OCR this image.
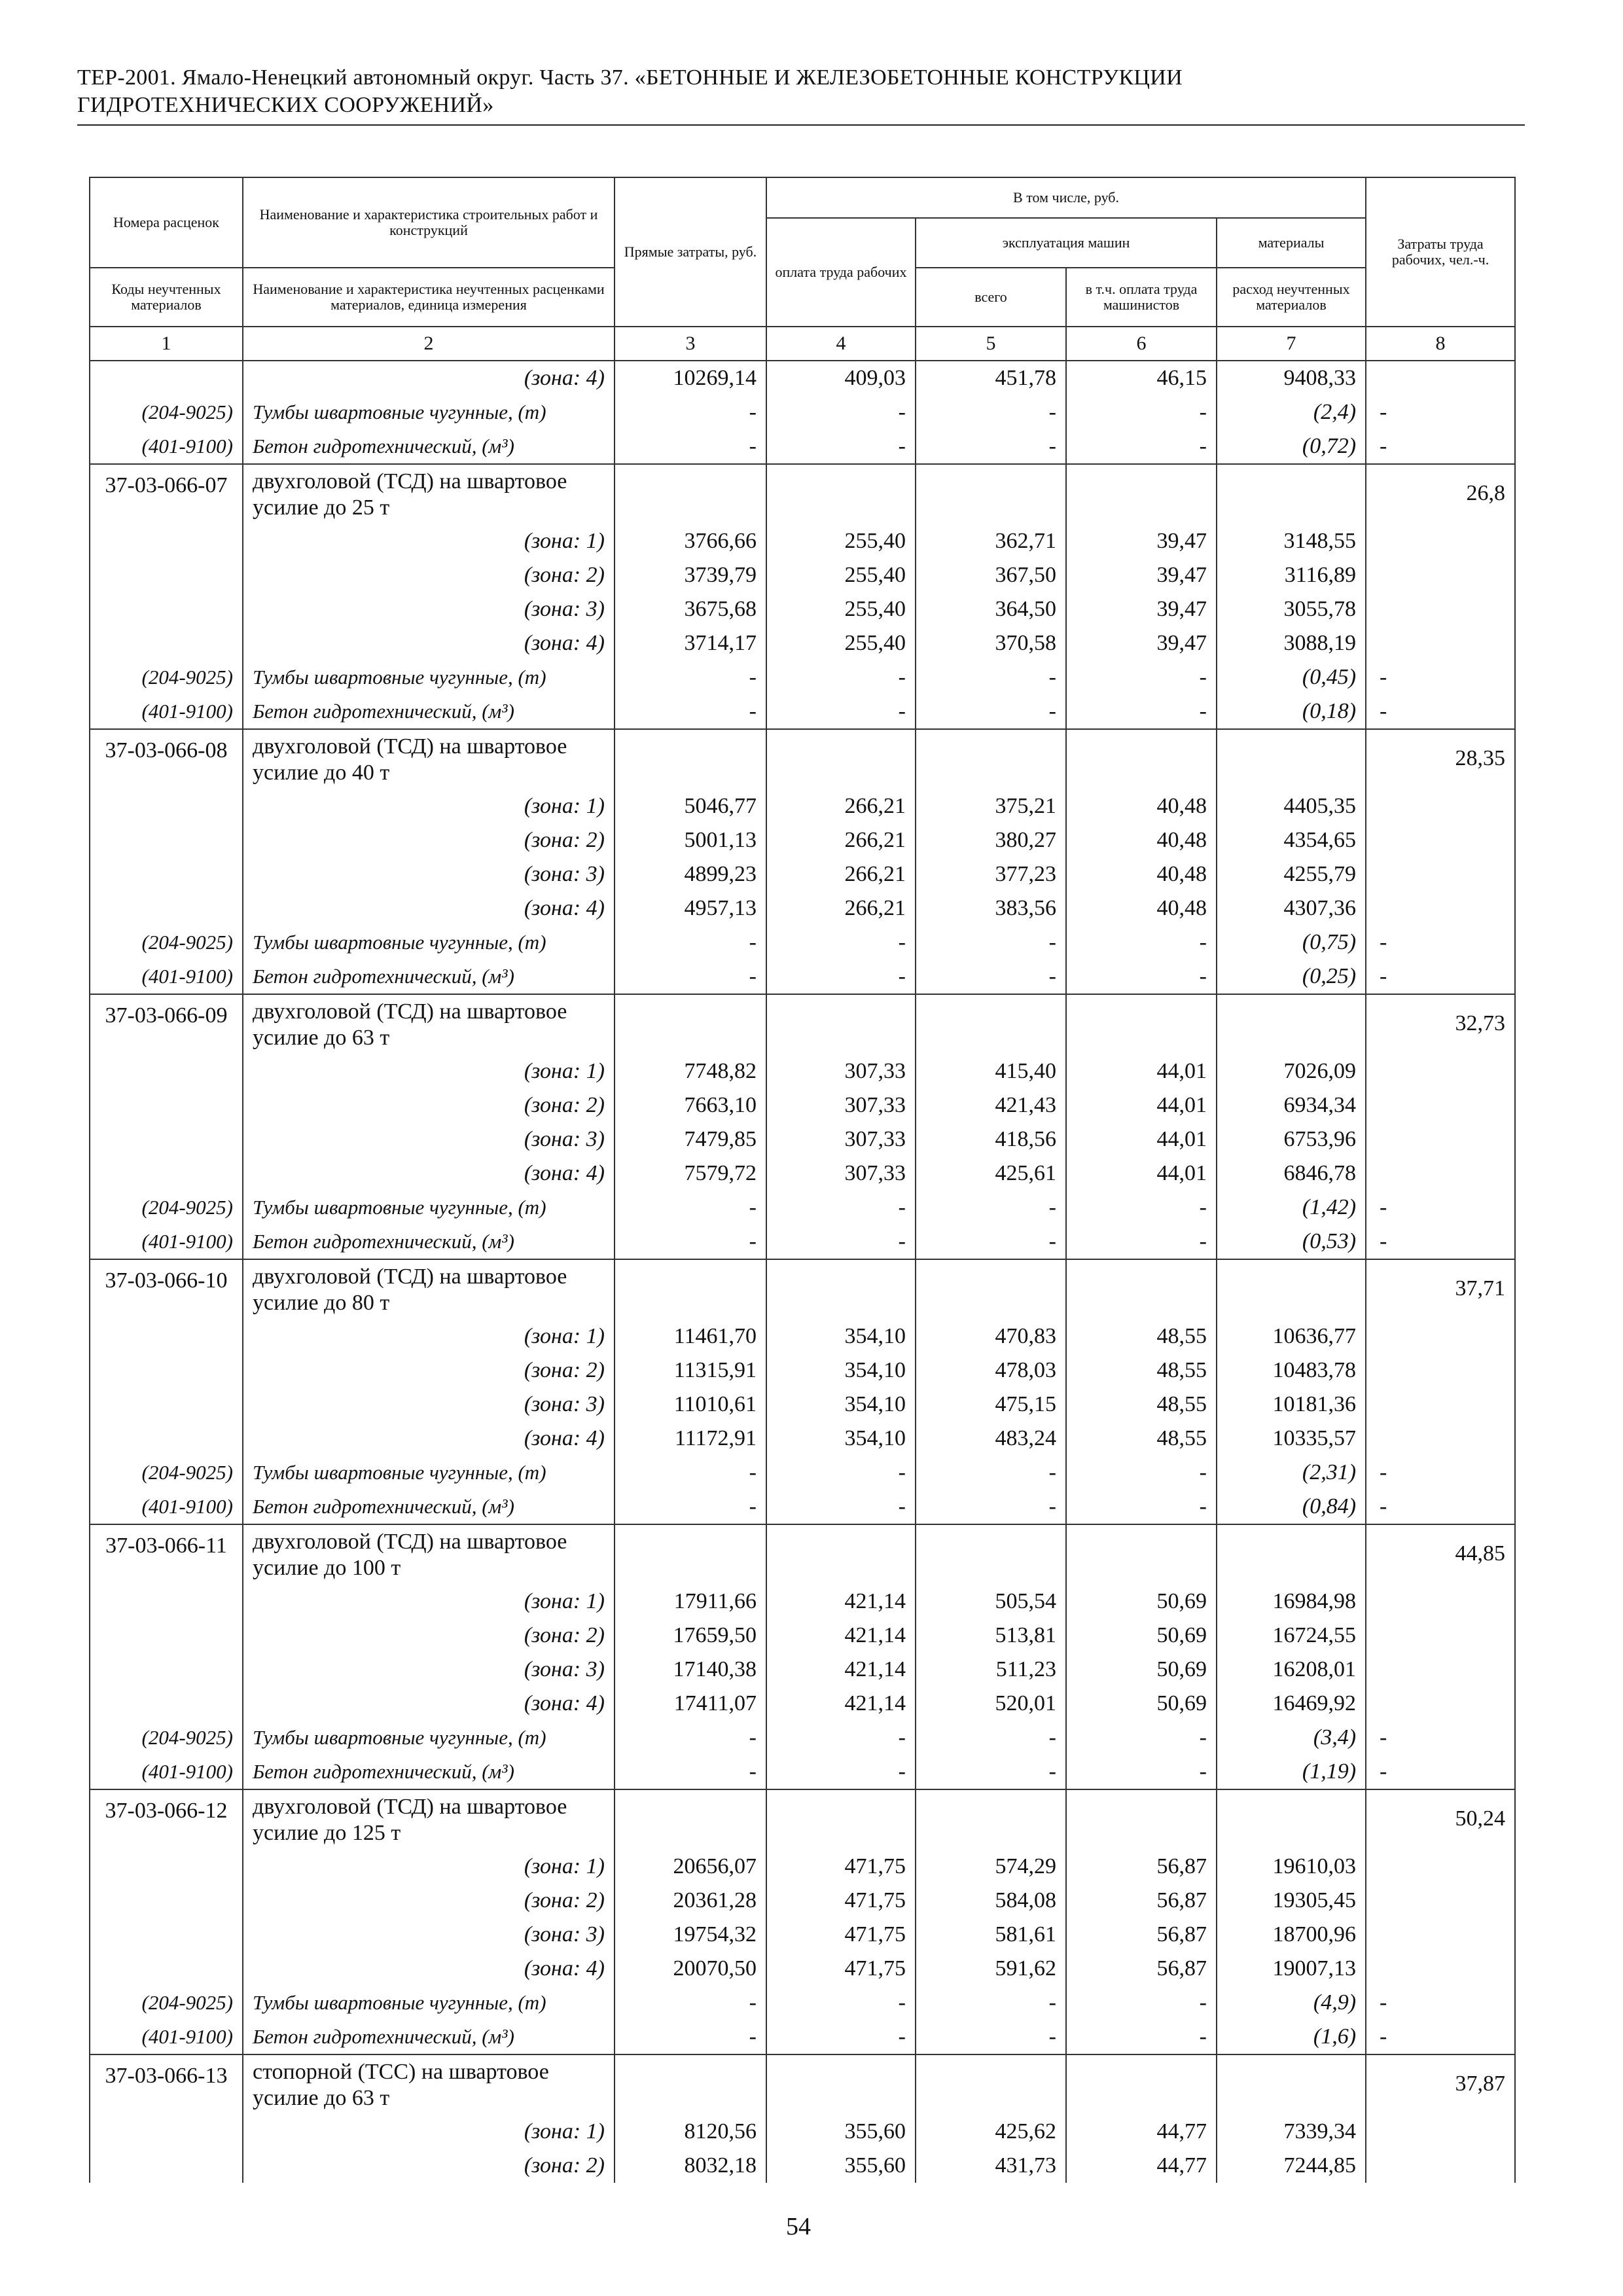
ТЕР-2001. Ямало-Ненецкий автономный округ. Часть 37. «БЕТОННЫЕ И ЖЕЛЕЗОБЕТОННЫЕ КОНСТРУКЦИИ
ГИДРОТЕХНИЧЕСКИХ СООРУЖЕНИЙ»
Номера расценок	Наименование и характеристика строительных работ и конструкций	Прямые затраты, руб.	В том числе, руб.				Затраты труда рабочих, чел.-ч.
			оплата труда рабочих	эксплуатация машин		материалы	
Коды неучтенных материалов	Наименование и характеристика неучтенных расценками материалов, единица измерения			всего	в т.ч. оплата труда машинистов	расход неучтенных материалов	
1	2	3	4	5	6	7	8
	(зона: 4)	10269,14	409,03	451,78	46,15	9408,33	
(204-9025)	Тумбы швартовные чугунные, (т)	-	-	-	-	(2,4)	-
(401-9100)	Бетон гидротехнический, (м³)	-	-	-	-	(0,72)	-
37-03-066-07	двухголовой (ТСД) на швартовое усилие до 25 т						26,8
	(зона: 1)	3766,66	255,40	362,71	39,47	3148,55	
	(зона: 2)	3739,79	255,40	367,50	39,47	3116,89	
	(зона: 3)	3675,68	255,40	364,50	39,47	3055,78	
	(зона: 4)	3714,17	255,40	370,58	39,47	3088,19	
(204-9025)	Тумбы швартовные чугунные, (т)	-	-	-	-	(0,45)	-
(401-9100)	Бетон гидротехнический, (м³)	-	-	-	-	(0,18)	-
37-03-066-08	двухголовой (ТСД) на швартовое усилие до 40 т						28,35
	(зона: 1)	5046,77	266,21	375,21	40,48	4405,35	
	(зона: 2)	5001,13	266,21	380,27	40,48	4354,65	
	(зона: 3)	4899,23	266,21	377,23	40,48	4255,79	
	(зона: 4)	4957,13	266,21	383,56	40,48	4307,36	
(204-9025)	Тумбы швартовные чугунные, (т)	-	-	-	-	(0,75)	-
(401-9100)	Бетон гидротехнический, (м³)	-	-	-	-	(0,25)	-
37-03-066-09	двухголовой (ТСД) на швартовое усилие до 63 т						32,73
	(зона: 1)	7748,82	307,33	415,40	44,01	7026,09	
	(зона: 2)	7663,10	307,33	421,43	44,01	6934,34	
	(зона: 3)	7479,85	307,33	418,56	44,01	6753,96	
	(зона: 4)	7579,72	307,33	425,61	44,01	6846,78	
(204-9025)	Тумбы швартовные чугунные, (т)	-	-	-	-	(1,42)	-
(401-9100)	Бетон гидротехнический, (м³)	-	-	-	-	(0,53)	-
37-03-066-10	двухголовой (ТСД) на швартовое усилие до 80 т						37,71
	(зона: 1)	11461,70	354,10	470,83	48,55	10636,77	
	(зона: 2)	11315,91	354,10	478,03	48,55	10483,78	
	(зона: 3)	11010,61	354,10	475,15	48,55	10181,36	
	(зона: 4)	11172,91	354,10	483,24	48,55	10335,57	
(204-9025)	Тумбы швартовные чугунные, (т)	-	-	-	-	(2,31)	-
(401-9100)	Бетон гидротехнический, (м³)	-	-	-	-	(0,84)	-
37-03-066-11	двухголовой (ТСД) на швартовое усилие до 100 т						44,85
	(зона: 1)	17911,66	421,14	505,54	50,69	16984,98	
	(зона: 2)	17659,50	421,14	513,81	50,69	16724,55	
	(зона: 3)	17140,38	421,14	511,23	50,69	16208,01	
	(зона: 4)	17411,07	421,14	520,01	50,69	16469,92	
(204-9025)	Тумбы швартовные чугунные, (т)	-	-	-	-	(3,4)	-
(401-9100)	Бетон гидротехнический, (м³)	-	-	-	-	(1,19)	-
37-03-066-12	двухголовой (ТСД) на швартовое усилие до 125 т						50,24
	(зона: 1)	20656,07	471,75	574,29	56,87	19610,03	
	(зона: 2)	20361,28	471,75	584,08	56,87	19305,45	
	(зона: 3)	19754,32	471,75	581,61	56,87	18700,96	
	(зона: 4)	20070,50	471,75	591,62	56,87	19007,13	
(204-9025)	Тумбы швартовные чугунные, (т)	-	-	-	-	(4,9)	-
(401-9100)	Бетон гидротехнический, (м³)	-	-	-	-	(1,6)	-
37-03-066-13	стопорной (ТСС) на швартовое усилие до 63 т						37,87
	(зона: 1)	8120,56	355,60	425,62	44,77	7339,34	
	(зона: 2)	8032,18	355,60	431,73	44,77	7244,85	
54
